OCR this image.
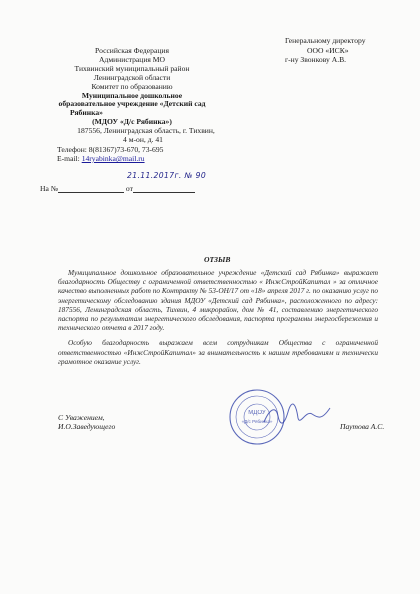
Генеральному директору
ООО «ИСК»
г-ну Звонкову А.В.
Российская Федерация
Администрация МО
Тихвинский муниципальный район
Ленинградской области
Комитет по образованию
Муниципальное дошкольное
образовательное учреждение «Детский сад
Рябинка»
(МДОУ «Д/с Рябинка»)
187556, Ленинградская область, г. Тихвин,
4 м-он, д. 41
Телефон: 8(81367)73-670, 73-695
E-mail: 14ryabinka@mail.ru
21.11.2017г. № 90
На №	от
ОТЗЫВ

Муниципальное дошкольное образовательное учреждение «Детский сад Рябинка» выражает благодарность Обществу с ограниченной ответственностью « ИнжСтройКапитал » за отличное качество выполненных работ по Контракту № 53-ОН/17 от «18» апреля 2017 г. по оказанию услуг по энергетическому обследованию здания МДОУ «Детский сад Рябинка», расположенного по адресу: 187556, Ленинградская область, Тихвин, 4 микрорайон, дом № 41, составлению энергетического паспорта по результатам энергетического обследования, паспорта программы энергосбережения и технического отчета в 2017 году.

Особую благодарность выражаем всем сотрудникам Общества с ограниченной ответственностью «ИнжСтройКапитал» за внимательность к нашим требованиям и технически грамотное оказание услуг.

С Уважением,
И.О.Заведующего
МДОУ
«Д/с Рябинка»
Паутова А.С.
